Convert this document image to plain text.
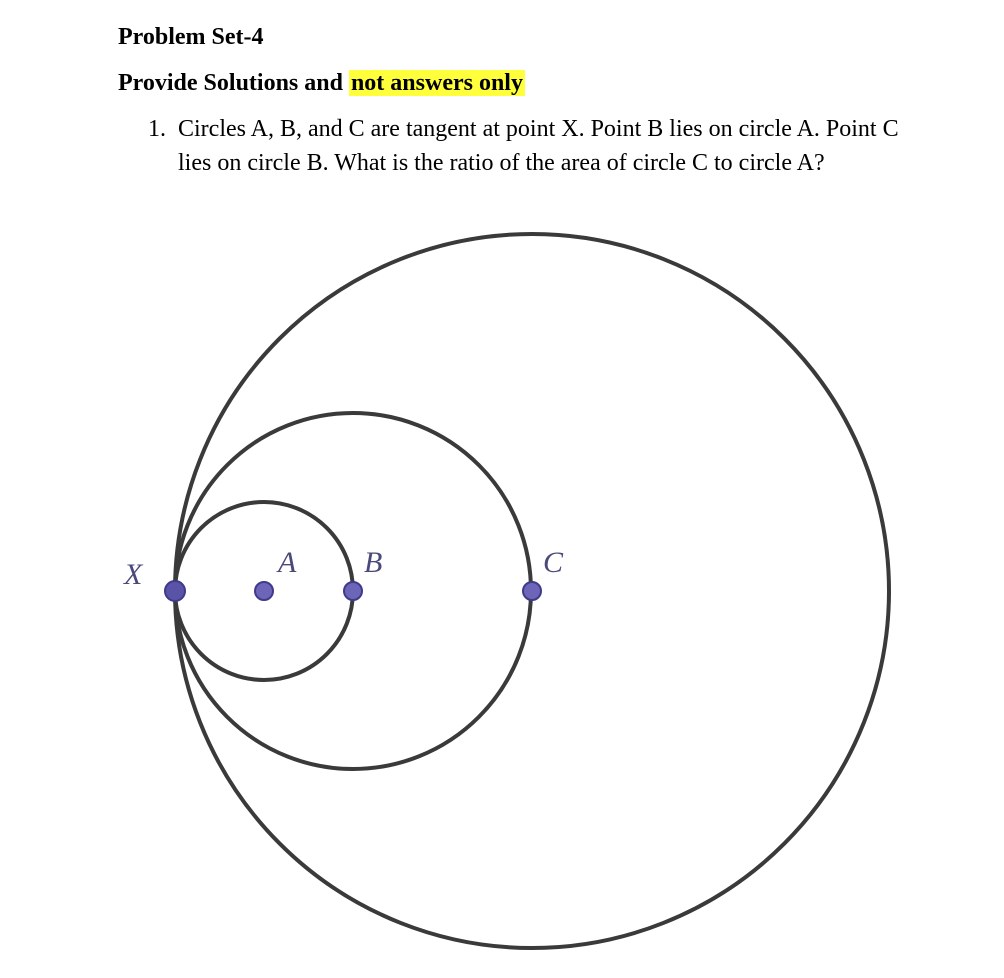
Problem Set-4
Provide Solutions and not answers only
1. Circles A, B, and C are tangent at point X. Point B lies on circle A. Point C lies on circle B. What is the ratio of the area of circle C to circle A?
X	A B	C
